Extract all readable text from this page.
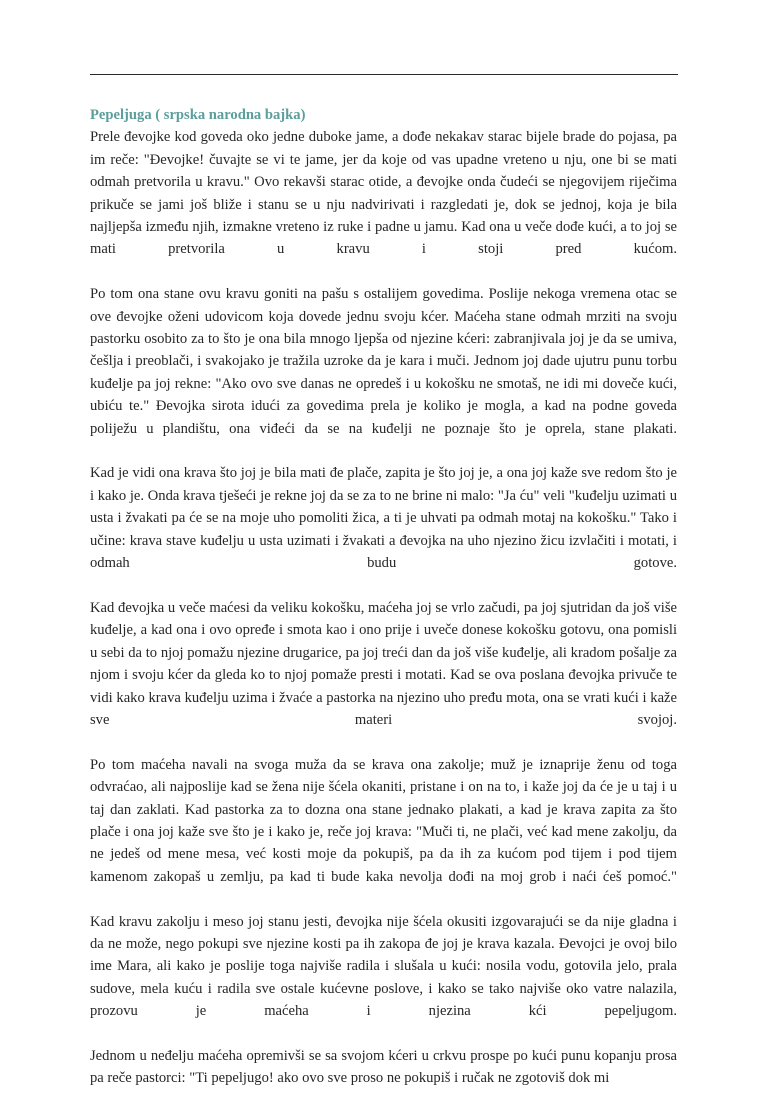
Pepeljuga ( srpska narodna bajka)

Prele đevojke kod goveda oko jedne duboke jame, a dođe nekakav starac bijele brade do pojasa, pa im reče: "Đevojke! čuvajte se vi te jame, jer da koje od vas upadne vreteno u nju, one bi se mati odmah pretvorila u kravu." Ovo rekavši starac otide, a đevojke onda čudeći se njegovijem riječima prikuče se jami još bliže i stanu se u nju nadvirivati i razgledati je, dok se jednoj, koja je bila najljepša između njih, izmakne vreteno iz ruke i padne u jamu. Kad ona u veče dođe kući, a to joj se mati pretvorila u kravu i stoji pred kućom.

Po tom ona stane ovu kravu goniti na pašu s ostalijem govedima. Poslije nekoga vremena otac se ove đevojke oženi udovicom koja dovede jednu svoju kćer. Maćeha stane odmah mrziti na svoju pastorku osobito za to što je ona bila mnogo ljepša od njezine kćeri: zabranjivala joj je da se umiva, češlja i preoblači, i svakojako je tražila uzroke da je kara i muči. Jednom joj dade ujutru punu torbu kuđelje pa joj rekne: "Ako ovo sve danas ne opredeš i u kokošku ne smotaš, ne idi mi doveče kući, ubiću te." Đevojka sirota idući za govedima prela je koliko je mogla, a kad na podne goveda poliježu u plandištu, ona viđeći da se na kuđelji ne poznaje što je oprela, stane plakati.

Kad je vidi ona krava što joj je bila mati đe plače, zapita je što joj je, a ona joj kaže sve redom što je i kako je. Onda krava tješeći je rekne joj da se za to ne brine ni malo: "Ja ću" veli "kuđelju uzimati u usta i žvakati pa će se na moje uho pomoliti žica, a ti je uhvati pa odmah motaj na kokošku." Tako i učine: krava stave kuđelju u usta uzimati i žvakati a đevojka na uho njezino žicu izvlačiti i motati, i odmah budu gotove.

Kad đevojka u veče maćesi da veliku kokošku, maćeha joj se vrlo začudi, pa joj sjutridan da još više kuđelje, a kad ona i ovo opređe i smota kao i ono prije i uveče donese kokošku gotovu, ona pomisli u sebi da to njoj pomažu njezine drugarice, pa joj treći dan da još više kuđelje, ali kradom pošalje za njom i svoju kćer da gleda ko to njoj pomaže presti i motati. Kad se ova poslana đevojka privuče te vidi kako krava kuđelju uzima i žvaće a pastorka na njezino uho pređu mota, ona se vrati kući i kaže sve materi svojoj.

Po tom maćeha navali na svoga muža da se krava ona zakolje; muž je iznaprije ženu od toga odvraćao, ali najposlije kad se žena nije šćela okaniti, pristane i on na to, i kaže joj da će je u taj i u taj dan zaklati. Kad pastorka za to dozna ona stane jednako plakati, a kad je krava zapita za što plače i ona joj kaže sve što je i kako je, reče joj krava: "Muči ti, ne plači, već kad mene zakolju, da ne jedeš od mene mesa, već kosti moje da pokupiš, pa da ih za kućom pod tijem i pod tijem kamenom zakopaš u zemlju, pa kad ti bude kaka nevolja dođi na moj grob i naći ćeš pomoć."

Kad kravu zakolju i meso joj stanu jesti, đevojka nije šćela okusiti izgovarajući se da nije gladna i da ne može, nego pokupi sve njezine kosti pa ih zakopa đe joj je krava kazala. Đevojci je ovoj bilo ime Mara, ali kako je poslije toga najviše radila i slušala u kući: nosila vodu, gotovila jelo, prala sudove, mela kuću i radila sve ostale kućevne poslove, i kako se tako najviše oko vatre nalazila, prozovu je maćeha i njezina kći pepeljugom.

Jednom u neđelju maćeha opremivši se sa svojom kćeri u crkvu prospe po kući punu kopanju prosa pa reče pastorci: "Ti pepeljugo! ako ovo sve proso ne pokupiš i ručak ne zgotoviš dok mi
